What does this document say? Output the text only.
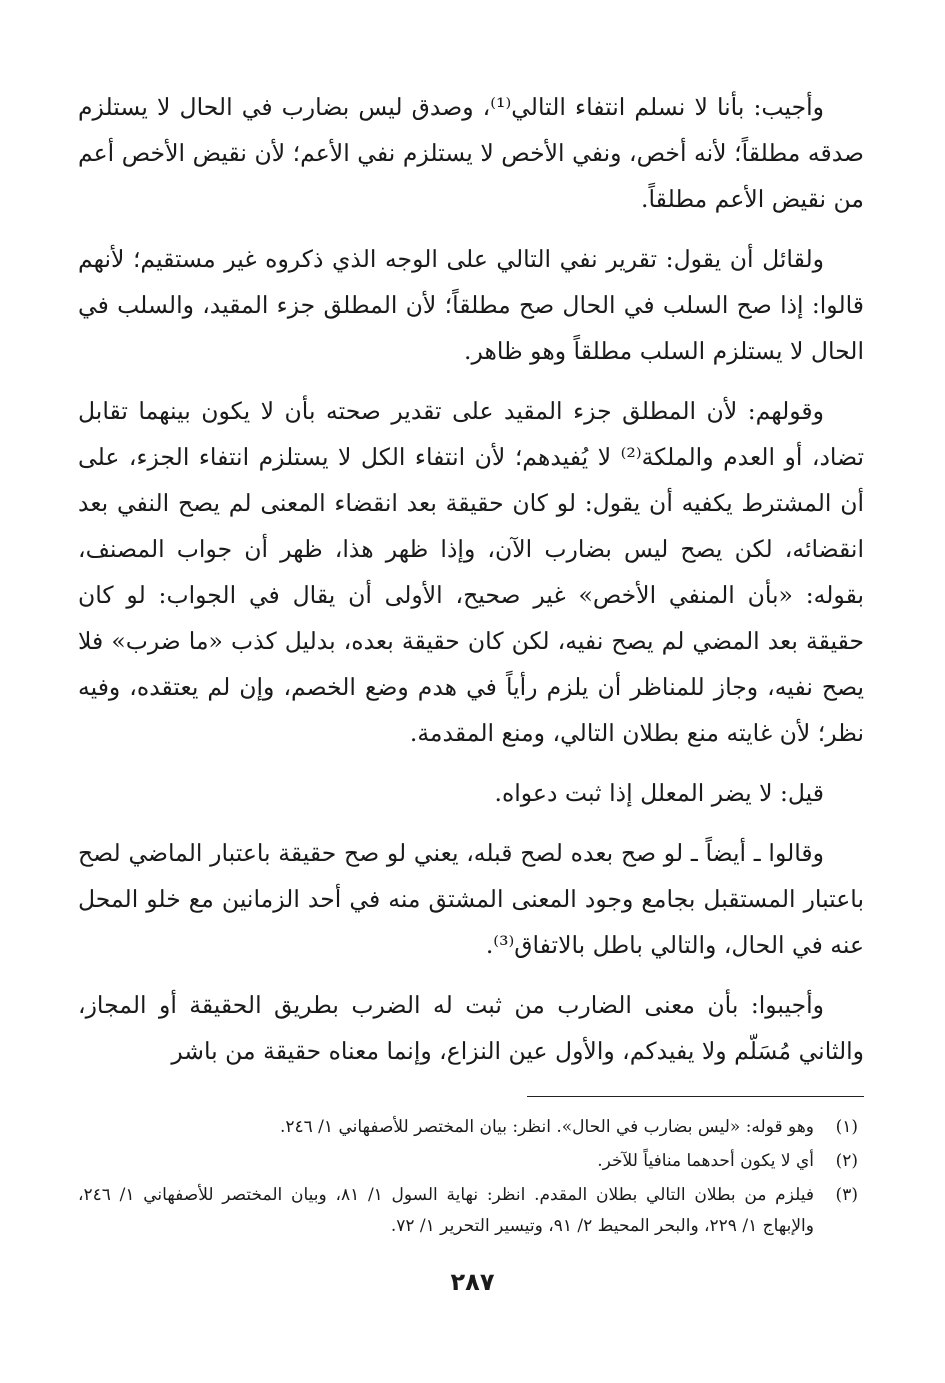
وأجيب: بأنا لا نسلم انتفاء التالي⁽¹⁾، وصدق ليس بضارب في الحال لا يستلزم صدقه مطلقاً؛ لأنه أخص، ونفي الأخص لا يستلزم نفي الأعم؛ لأن نقيض الأخص أعم من نقيض الأعم مطلقاً.

ولقائل أن يقول: تقرير نفي التالي على الوجه الذي ذكروه غير مستقيم؛ لأنهم قالوا: إذا صح السلب في الحال صح مطلقاً؛ لأن المطلق جزء المقيد، والسلب في الحال لا يستلزم السلب مطلقاً وهو ظاهر.

وقولهم: لأن المطلق جزء المقيد على تقدير صحته بأن لا يكون بينهما تقابل تضاد، أو العدم والملكة⁽²⁾ لا يُفيدهم؛ لأن انتفاء الكل لا يستلزم انتفاء الجزء، على أن المشترط يكفيه أن يقول: لو كان حقيقة بعد انقضاء المعنى لم يصح النفي بعد انقضائه، لكن يصح ليس بضارب الآن، وإذا ظهر هذا، ظهر أن جواب المصنف، بقوله: «بأن المنفي الأخص» غير صحيح، الأولى أن يقال في الجواب: لو كان حقيقة بعد المضي لم يصح نفيه، لكن كان حقيقة بعده، بدليل كذب «ما ضرب» فلا يصح نفيه، وجاز للمناظر أن يلزم رأياً في هدم وضع الخصم، وإن لم يعتقده، وفيه نظر؛ لأن غايته منع بطلان التالي، ومنع المقدمة.

قيل: لا يضر المعلل إذا ثبت دعواه.

وقالوا ـ أيضاً ـ لو صح بعده لصح قبله، يعني لو صح حقيقة باعتبار الماضي لصح باعتبار المستقبل بجامع وجود المعنى المشتق منه في أحد الزمانين مع خلو المحل عنه في الحال، والتالي باطل بالاتفاق⁽³⁾.

وأجيبوا: بأن معنى الضارب من ثبت له الضرب بطريق الحقيقة أو المجاز، والثاني مُسَلّم ولا يفيدكم، والأول عين النزاع، وإنما معناه حقيقة من باشر

(١)وهو قوله: «ليس بضارب في الحال». انظر: بيان المختصر للأصفهاني ١/ ٢٤٦.

(٢)أي لا يكون أحدهما منافياً للآخر.

(٣)فيلزم من بطلان التالي بطلان المقدم. انظر: نهاية السول ١/ ٨١، وبيان المختصر للأصفهاني ١/ ٢٤٦، والإبهاج ١/ ٢٢٩، والبحر المحيط ٢/ ٩١، وتيسير التحرير ١/ ٧٢.

٢٨٧
